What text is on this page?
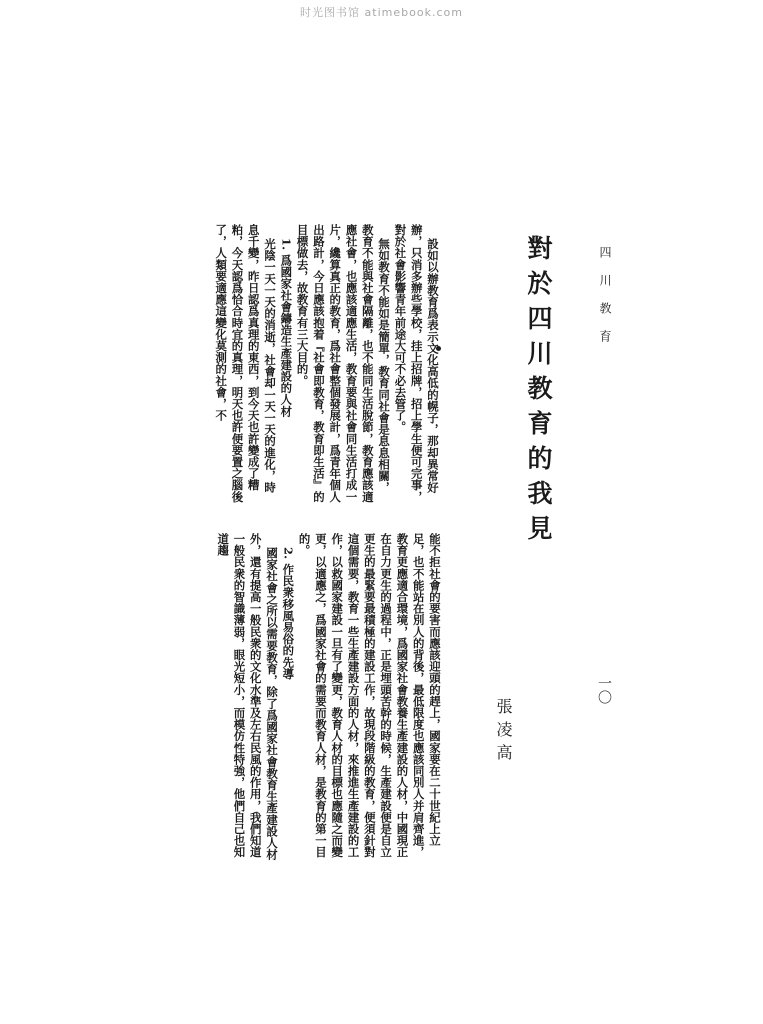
时光图书馆 atimebook.com
四川教育
一〇
對於四川教育的我見
張凌高

設如以辦教育爲表示文化高低的幌子，那却異常好辦，只消多辦些學校，挂上招牌，招上學生便可完事，對於社會影響青年前途大可不必去管了。

無如教育不能如是簡單，教育同社會是息息相關，教育不能與社會隔離，也不能同生活脫節，教育應該適應社會，也應該適應生活，教育要與社會同生活打成一片，纔算真正的教育，爲社會整個發展計，爲青年個人出路計，今日應該抱着『社會即教育，教育即生活』的目標做去，故教育有三大目的。

1. 爲國家社會鑄造生產建設的人材

光陰一天一天的消逝，社會却一天一天的進化，時息千變，昨日認爲真理的東西，到今天也許變成了糟粕，今天認爲恰合時宜的真理，明天也許便要置之腦後了，人類要適應這變化莫測的社會，不

能不拒社會的要害而應該迎頭的趕上，國家要在二十世紀上立足，也不能站在別人的背後，最低限度也應該同別人并肩齊進，教育更應適合環境，爲國家社會教養生產建設的人材，中國現正在自力更生的過程中，正是埋頭苦幹的時候，生產建設便是自立更生的最緊要最積極的建設工作，故現段階級的教育，便須針對這個需要，教育一些生產建設方面的人材，來推進生產建設的工作，以救國家建設一旦有了變更，教育人材的目標也應隨之而變更，以適應之，爲國家社會的需要而教育人材，是教育的第一目的。

2. 作民衆移風易俗的先導

國家社會之所以需要教育，除了爲國家社會教育生產建設人材外，還有提高一般民衆的文化水準及左右民風的作用，我們知道一般民衆的智識薄弱，眼光短小，而模仿性特強，他們自己也知道趨
